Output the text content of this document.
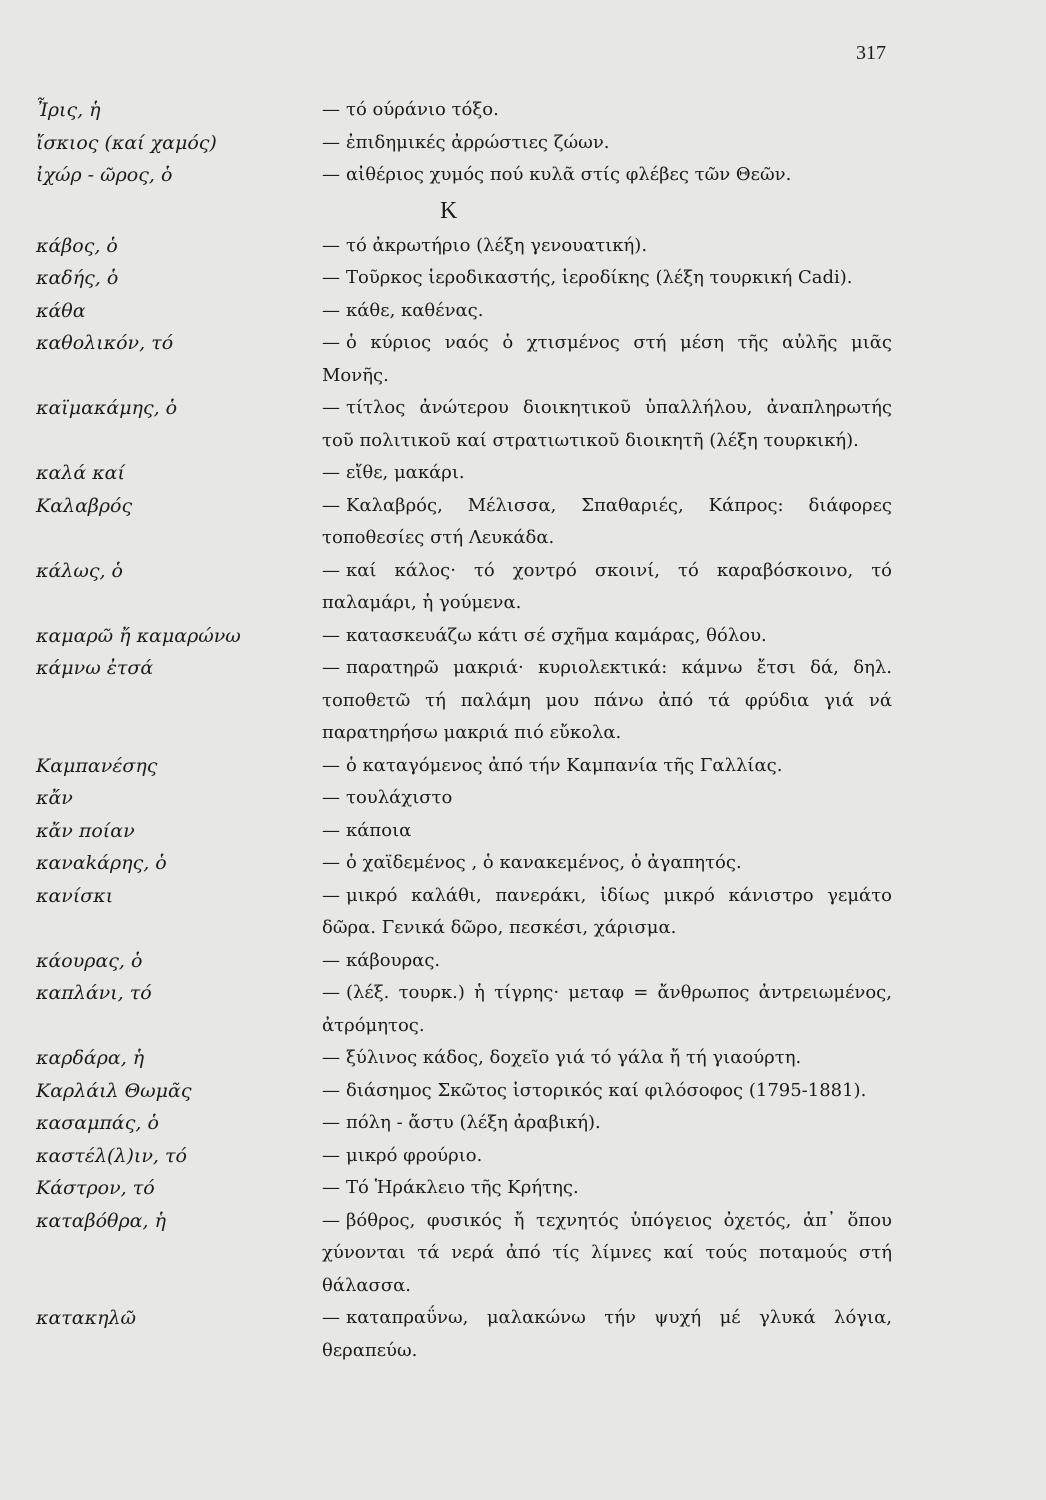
317
Ἶρις, ἡ	— τό ούράνιο τόξο.
ἴσκιος (καί χαμός)	— ἐπιδημικές ἀρρώστιες ζώων.
ἰχώρ - ῶρος, ὁ	— αἰθέριος χυμός πού κυλᾶ στίς φλέβες τῶν Θεῶν.
K
κάβος, ὁ	— τό ἀκρωτήριο (λέξη γενουατική).
καδής, ὁ	— Τοῦρκος ἱεροδικαστής, ἱεροδίκης (λέξη τουρκική Cadi).
κάθα	— κάθε, καθένας.
καθολικόν, τό	— ὁ κύριος ναός ὁ χτισμένος στή μέση τῆς αὐλῆς μιᾶς Μονῆς.
καϊμακάμης, ὁ	— τίτλος ἀνώτερου διοικητικοῦ ὑπαλλήλου, ἀναπληρωτής τοῦ πολιτικοῦ καί στρατιωτικοῦ διοικητῆ (λέξη τουρκική).
καλά καί	— εἴθε, μακάρι.
Καλαβρός	— Καλαβρός, Μέλισσα, Σπαθαριές, Κάπρος: διάφορες τοποθεσίες στή Λευκάδα.
κάλως, ὁ	— καί κάλος· τό χοντρό σκοινί, τό καραβόσκοινο, τό παλαμάρι, ἡ γούμενα.
καμαρῶ ἤ καμαρώνω	— κατασκευάζω κάτι σέ σχῆμα καμάρας, θόλου.
κάμνω ἐτσά	— παρατηρῶ μακριά· κυριολεκτικά: κάμνω ἔτσι δά, δηλ. τοποθετῶ τή παλάμη μου πάνω ἀπό τά φρύδια γιά νά παρατηρήσω μακριά πιό εὔκολα.
Καμπανέσης	— ὁ καταγόμενος ἀπό τήν Καμπανία τῆς Γαλλίας.
κἄν	— τουλάχιστο
κἄν ποίαν	— κάποια
καναkάρης, ὁ	— ὁ χαϊδεμένος , ὁ κανακεμένος, ὁ ἀγαπητός.
κανίσκι	— μικρό καλάθι, πανεράκι, ἰδίως μικρό κάνιστρο γεμάτο δῶρα. Γενικά δῶρο, πεσκέσι, χάρισμα.
κάουρας, ὁ	— κάβουρας.
καπλάνι, τό	— (λέξ. τουρκ.) ἡ τίγρης· μεταφ = ἄνθρωπος ἀντρειωμένος, ἀτρόμητος.
καρδάρα, ἡ	— ξύλινος κάδος, δοχεῖο γιά τό γάλα ἤ τή γιαούρτη.
Καρλάιλ Θωμᾶς	— διάσημος Σκῶτος ἱστορικός καί φιλόσοφος (1795-1881).
κασαμπάς, ὁ	— πόλη - ἄστυ (λέξη ἀραβική).
καστέλ(λ)ιν, τό	— μικρό φρούριο.
Κάστρον, τό	— Τό Ἡράκλειο τῆς Κρήτης.
καταβόθρα, ἡ	— βόθρος, φυσικός ἤ τεχνητός ὑπόγειος ὀχετός, ἀπ᾿ ὅπου χύνονται τά νερά ἀπό τίς λίμνες καί τούς ποταμούς στή θάλασσα.
κατακηλῶ	— καταπραΰνω, μαλακώνω τήν ψυχή μέ γλυκά λόγια, θεραπεύω.
